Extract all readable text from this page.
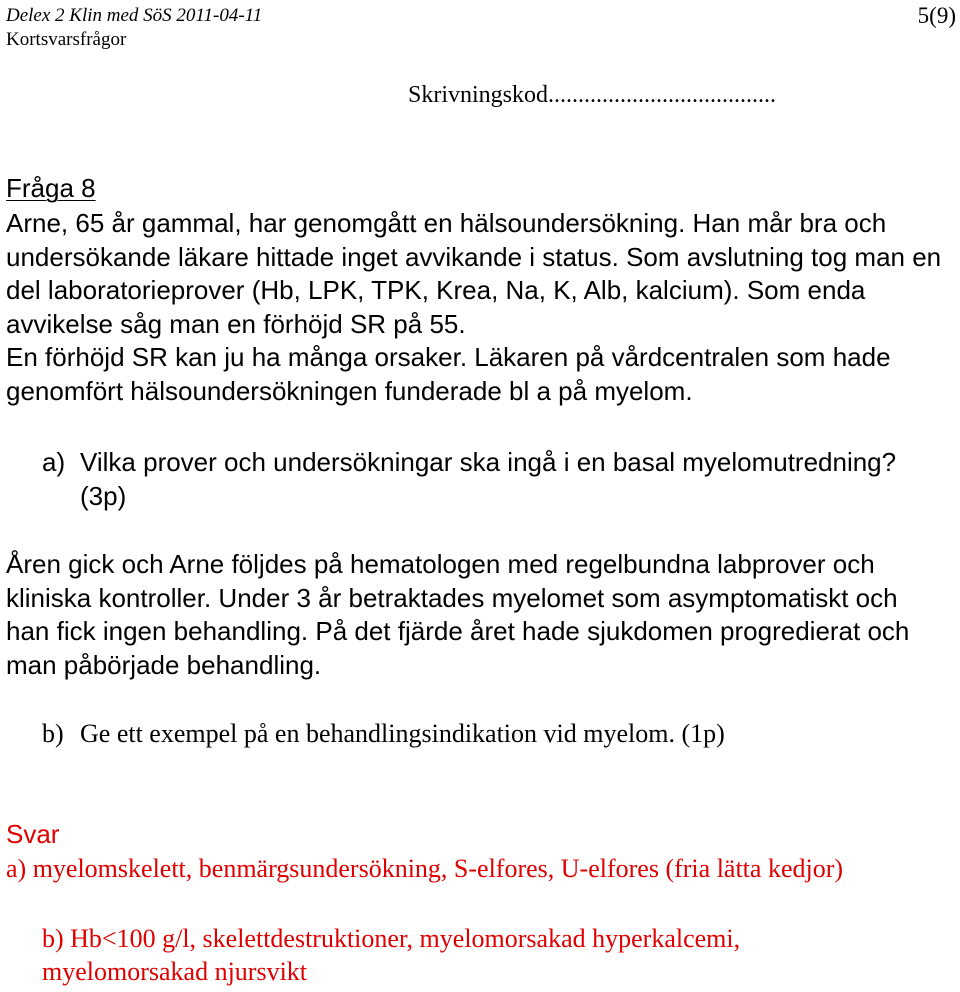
Delex 2 Klin med SöS 2011-04-11
Kortsvarsfrågor
5(9)
Skrivningskod......................................
Fråga 8
Arne, 65 år gammal, har genomgått en hälsoundersökning. Han mår bra och
undersökande läkare hittade inget avvikande i status. Som avslutning tog man en
del laboratorieprover (Hb, LPK, TPK, Krea, Na, K, Alb, kalcium). Som enda
avvikelse såg man en förhöjd SR på 55.
En förhöjd SR kan ju ha många orsaker. Läkaren på vårdcentralen som hade
genomfört hälsoundersökningen funderade bl a på myelom.
a) Vilka prover och undersökningar ska ingå i en basal myelomutredning?
(3p)
Åren gick och Arne följdes på hematologen med regelbundna labprover och
kliniska kontroller. Under 3 år betraktades myelomet som asymptomatiskt och
han fick ingen behandling. På det fjärde året hade sjukdomen progredierat och
man påbörjade behandling.
b) Ge ett exempel på en behandlingsindikation vid myelom. (1p)
Svar
a) myelomskelett, benmärgsundersökning, S-elfores, U-elfores (fria lätta kedjor)
b) Hb<100 g/l, skelettdestruktioner, myelomorsakad hyperkalcemi,
myelomorsakad njursvikt
